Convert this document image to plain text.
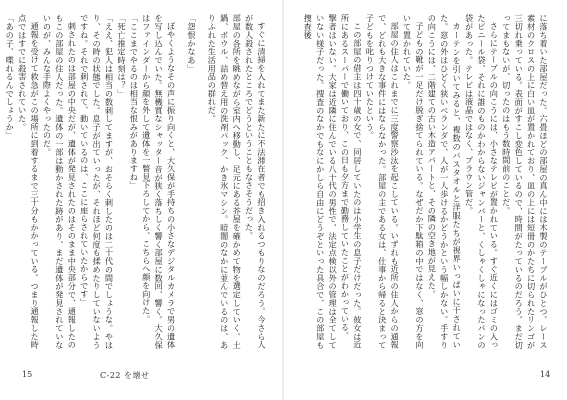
すぐに清掃を入れてまた新たに不法滞在者でも招き入れるつもりなのだろう。今さら人が数人殺されたところでどうということもなさそうだった。

部屋の各所を眺めながら室内へ移動し、足元にある芥屋を確かめて物を選定していく。土鍋、ボウル、詰め替え用の洗剤パック、かき氷マシン。暗闇のなかに並んでいるのは、ありふれた生活用品の群れだ。

「怨恨かなあ」

ぼやくようなその声に振り向くと、大久保が手持ちの小さなデジタルカメラで男の遺体を写し込んでいた。無機質なシャッター音が狭く落ちしく響く部屋に数回、響く。大久保はファインダーから顔を外して遺体を一瞥見下ろしてから、こちらへ顔を向けた。

「ここまでやるのは相当な恨みがありますね」

「死亡推定時刻は？」

「ええ、犯人は相当の数刺してますが、おそらく刺したのは二十代の間でしょうな。やはり、その時の状態でした。息子が出ていったが、それほど何度も揉めたりしていないようですね。それで刺されて、動いているのは、ここに座らされていたからです」

刺されたのは部屋の中央だが、遺体が発見されたのはそのまま中央部分で、通報したのもこの部屋の住人だった。遺体の一部は動かされた跡があり、まだ遺体が発見されていないのが、みんな手際よくやったのだ。

通報を受けて救急がこの場所に到着するまで三十分もかかっている。つまり通報した時点ではすでに殺害されていた。

「あの子、喋れるんでしょうか」

15	C-22 を壊せ

に落ち着いた部屋だった。六畳ほどの部屋の真ん中には木製のテーブルがひとつ。レース素材のクロスの上に白い皿が置かれており、皿の上には短冊のかたちに切られたリンゴが三切れ乗っている。表面がすこし変色しているので、時間がたっているのだろう。まだ切ってまもないが、切ったのはもう数時間前のことだ。

さらにテーブルの向こうには、小さなテレビが置かれている。すぐ近くにはゴミの入ったビニール袋、それに誰のものかわからないジャンパーと、くしゃくしゃになったパンの袋があった。テレビは液晶ではなく、ブラウン管だ。

カーテンを引いてみると、複数のバスタオルと洋服たちが視界いっぱいに干されていた。窓の外はひどく狭いベランダで、人が一人歩けるかどうかという幅しかない。手すりの向こうには、二階建ての古い木造アパートと、その隣の空き地が見えた。

子どもの靴が一足だけ脱ぎ捨てられている。なぜだか下駄箱の中ではなく、窓の方を向いて置かれていた。

部屋の住人はこれまでに三度警察沙汰を起こしている。いずれも近所の住人からの通報で、どれも大きな事件にはならなかった。部屋の主である女は、仕事から帰ると決まって子どもを叱りつけていたという。

この部屋の借主は四十歳の女で、同居していたのは小学生の息子だけだった。彼女は近所にあるスーパーで働いており、この日も夕方まで勤務していたことがわかっている。

撃者はいない。大家は近隣に住んでいる八十代の男性で、法定点検以外の管理は全てしていない様子だった。捜査のなかでもなにかしら自由にどうぞといった具合で、この部屋も捜査後

14
